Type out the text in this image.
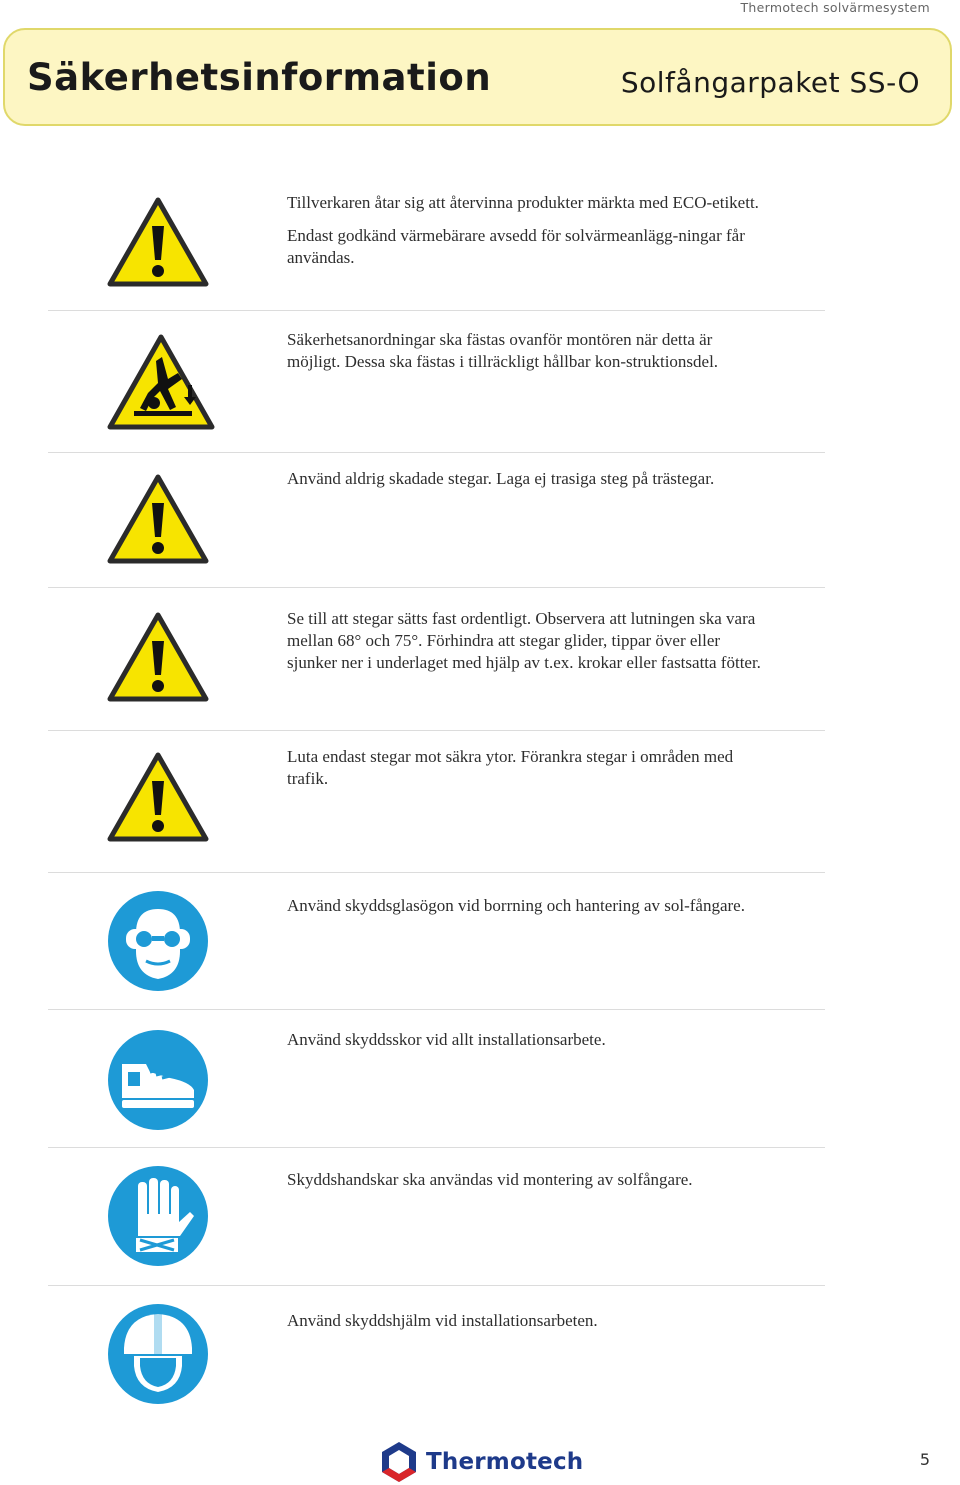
Thermotech solvärmesystem
Säkerhetsinformation	Solfångarpaket SS-O

Tillverkaren åtar sig att återvinna produkter märkta med ECO-etikett.

Endast godkänd värmebärare avsedd för solvärmeanlägg-ningar får användas.

Säkerhetsanordningar ska fästas ovanför montören när detta är möjligt. Dessa ska fästas i tillräckligt hållbar kon-struktionsdel.

Använd aldrig skadade stegar. Laga ej trasiga steg på trästegar.

Se till att stegar sätts fast ordentligt. Observera att lutningen ska vara mellan 68° och 75°. Förhindra att stegar glider, tippar över eller sjunker ner i underlaget med hjälp av t.ex. krokar eller fastsatta fötter.

Luta endast stegar mot säkra ytor. Förankra stegar i områden med trafik.

Använd skyddsglasögon vid borrning och hantering av sol-fångare.

Använd skyddsskor vid allt installationsarbete.

Skyddshandskar ska användas vid montering av solfångare.

Använd skyddshjälm vid installationsarbeten.

Thermotech	5
